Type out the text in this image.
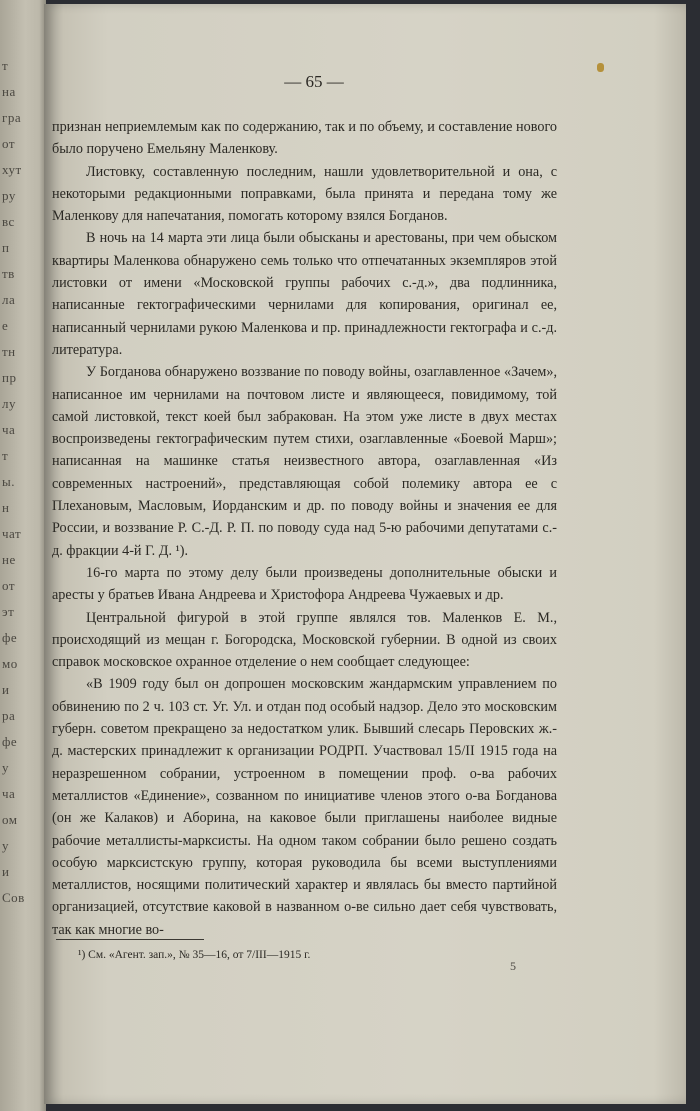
т
на
гра
от
хут
ру
вс
п
тв
ла
е
тн
пр
лу
ча
т
ы.
н
чат
не
от
эт
фе
мо
и
ра
фе
у
ча
ом
у
и
Сов
— 65 —

признан неприемлемым как по содержанию, так и по объему, и составление нового было поручено Емельяну Маленкову.

Листовку, составленную последним, нашли удовлетворительной и она, с некоторыми редакционными поправками, была принята и передана тому же Маленкову для напечатания, помогать которому взялся Богданов.

В ночь на 14 марта эти лица были обысканы и арестованы, при чем обыском квартиры Маленкова обнаружено семь только что отпечатанных экземпляров этой листовки от имени «Московской группы рабочих с.-д.», два подлинника, написанные гектографическими чернилами для копирования, оригинал ее, написанный чернилами рукою Маленкова и пр. принадлежности гектографа и с.-д. литература.

У Богданова обнаружено воззвание по поводу войны, озаглавленное «Зачем», написанное им чернилами на почтовом листе и являющееся, повидимому, той самой листовкой, текст коей был забракован. На этом уже листе в двух местах воспроизведены гектографическим путем стихи, озаглавленные «Боевой Марш»; написанная на машинке статья неизвестного автора, озаглавленная «Из современных настроений», представляющая собой полемику автора ее с Плехановым, Масловым, Иорданским и др. по поводу войны и значения ее для России, и воззвание Р. С.-Д. Р. П. по поводу суда над 5-ю рабочими депутатами с.-д. фракции 4-й Г. Д. ¹).

16-го марта по этому делу были произведены дополнительные обыски и аресты у братьев Ивана Андреева и Христофора Андреева Чужаевых и др.

Центральной фигурой в этой группе являлся тов. Маленков Е. М., происходящий из мещан г. Богородска, Московской губернии. В одной из своих справок московское охранное отделение о нем сообщает следующее:

«В 1909 году был он допрошен московским жандармским управлением по обвинению по 2 ч. 103 ст. Уг. Ул. и отдан под особый надзор. Дело это московским губерн. советом прекращено за недостатком улик. Бывший слесарь Перовских ж.-д. мастерских принадлежит к организации РОДРП. Участвовал 15/II 1915 года на неразрешенном собрании, устроенном в помещении проф. о-ва рабочих металлистов «Единение», созванном по инициативе членов этого о-ва Богданова (он же Калаков) и Аборина, на каковое были приглашены наиболее видные рабочие металлисты-марксисты. На одном таком собрании было решено создать особую марксистскую группу, которая руководила бы всеми выступлениями металлистов, носящими политический характер и являлась бы вместо партийной организацией, отсутствие каковой в названном о-ве сильно дает себя чувствовать, так как многие во-

¹) См. «Агент. зап.», № 35—16, от 7/III—1915 г.
5
